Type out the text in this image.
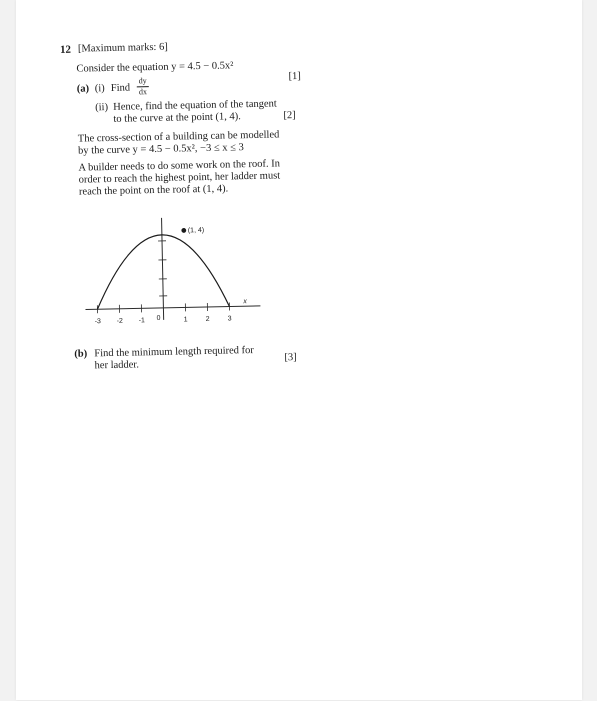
12 [Maximum marks: 6]
Consider the equation y = 4.5 − 0.5x²
(a) (i) Find $\frac{dy}{dx}$
[1]
(ii) Hence, find the equation of the tangent
to the curve at the point (1, 4).	[2]
The cross-section of a building can be modelled
by the curve y = 4.5 − 0.5x², −3 ≤ x ≤ 3
A builder needs to do some work on the roof. In
order to reach the highest point, her ladder must
reach the point on the roof at (1, 4).
(1, 4)
x
-3 -2 -1 0	1	2	3
(b) Find the minimum length required for
her ladder.
[3]
